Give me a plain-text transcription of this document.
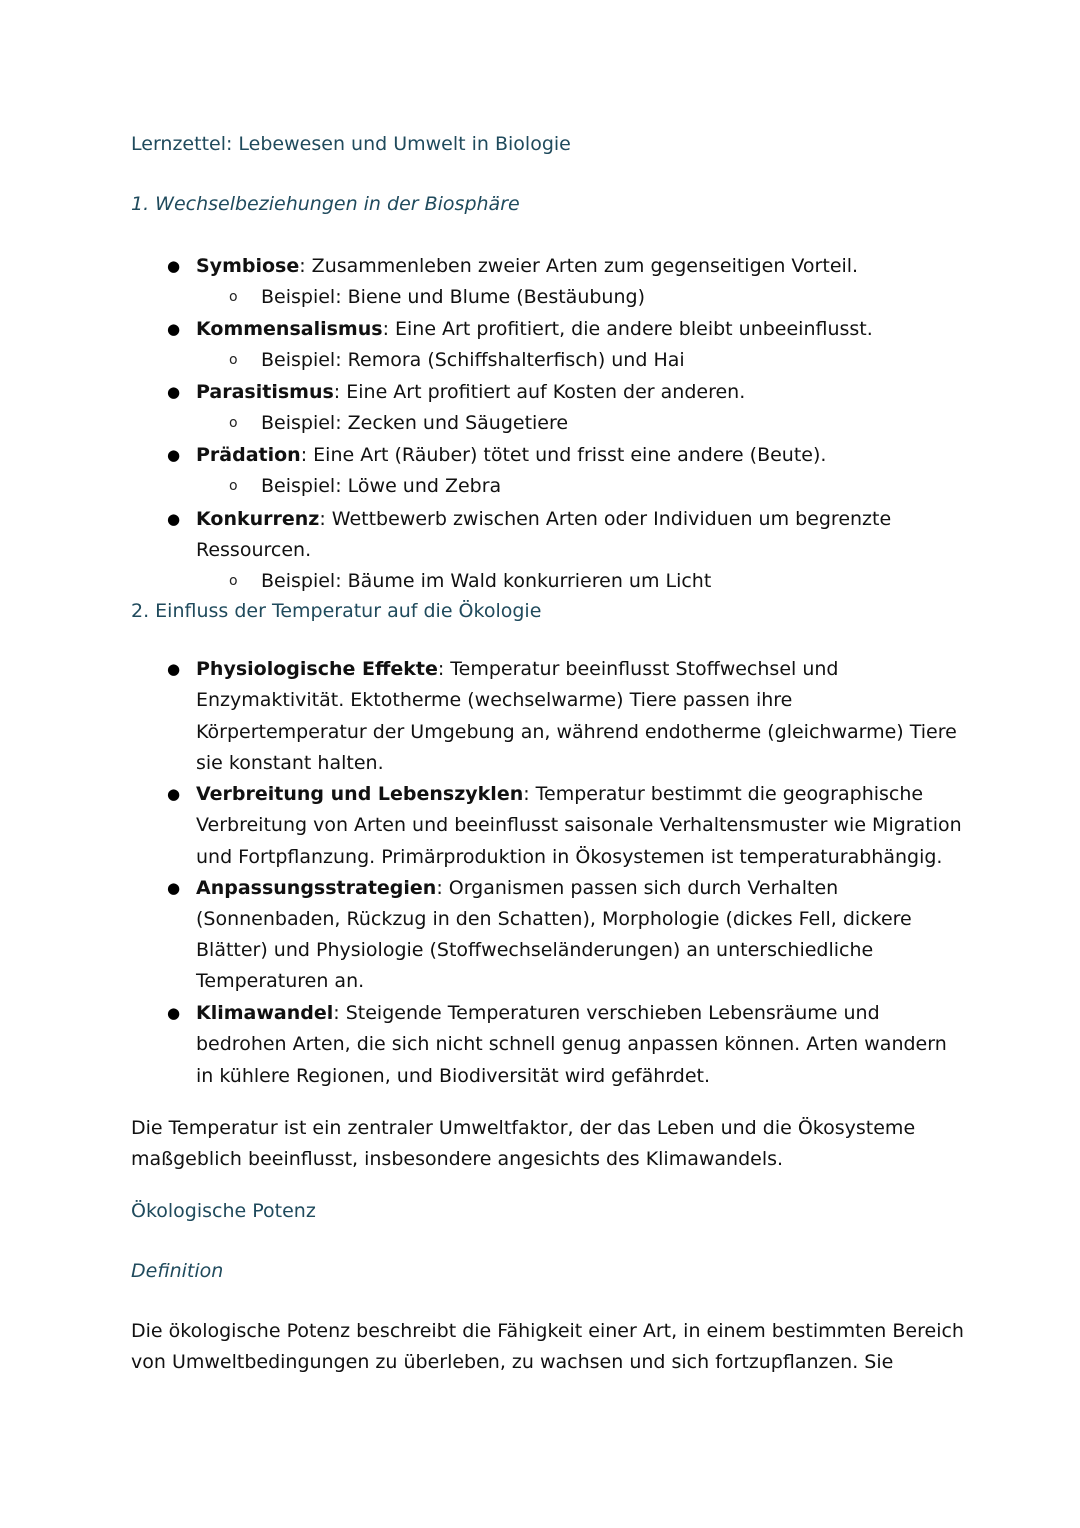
Lernzettel: Lebewesen und Umwelt in Biologie
1. Wechselbeziehungen in der Biosphäre
● Symbiose: Zusammenleben zweier Arten zum gegenseitigen Vorteil.
o Beispiel: Biene und Blume (Bestäubung)
● Kommensalismus: Eine Art profitiert, die andere bleibt unbeeinflusst.
o Beispiel: Remora (Schiffshalterfisch) und Hai
● Parasitismus: Eine Art profitiert auf Kosten der anderen.
o Beispiel: Zecken und Säugetiere
● Prädation: Eine Art (Räuber) tötet und frisst eine andere (Beute).
o Beispiel: Löwe und Zebra
● Konkurrenz: Wettbewerb zwischen Arten oder Individuen um begrenzte
Ressourcen.
o Beispiel: Bäume im Wald konkurrieren um Licht
2. Einfluss der Temperatur auf die Ökologie
● Physiologische Effekte: Temperatur beeinflusst Stoffwechsel und
Enzymaktivität. Ektotherme (wechselwarme) Tiere passen ihre
Körpertemperatur der Umgebung an, während endotherme (gleichwarme) Tiere
sie konstant halten.
● Verbreitung und Lebenszyklen: Temperatur bestimmt die geographische
Verbreitung von Arten und beeinflusst saisonale Verhaltensmuster wie Migration
und Fortpflanzung. Primärproduktion in Ökosystemen ist temperaturabhängig.
● Anpassungsstrategien: Organismen passen sich durch Verhalten
(Sonnenbaden, Rückzug in den Schatten), Morphologie (dickes Fell, dickere
Blätter) und Physiologie (Stoffwechseländerungen) an unterschiedliche
Temperaturen an.
● Klimawandel: Steigende Temperaturen verschieben Lebensräume und
bedrohen Arten, die sich nicht schnell genug anpassen können. Arten wandern
in kühlere Regionen, und Biodiversität wird gefährdet.
Die Temperatur ist ein zentraler Umweltfaktor, der das Leben und die Ökosysteme
maßgeblich beeinflusst, insbesondere angesichts des Klimawandels.
Ökologische Potenz
Definition
Die ökologische Potenz beschreibt die Fähigkeit einer Art, in einem bestimmten Bereich
von Umweltbedingungen zu überleben, zu wachsen und sich fortzupflanzen. Sie
